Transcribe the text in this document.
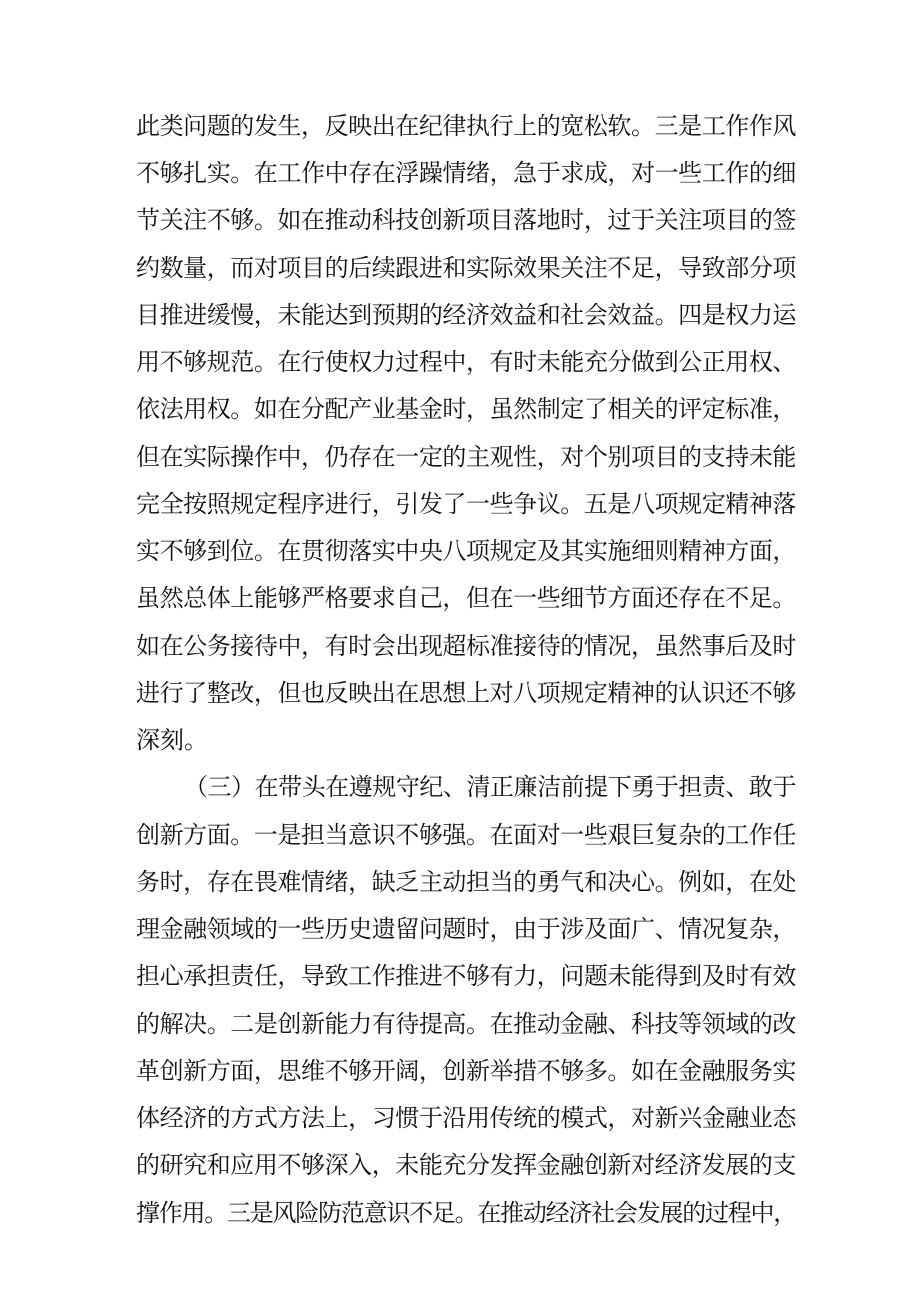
此类问题的发生，反映出在纪律执行上的宽松软。三是工作作风
不够扎实。在工作中存在浮躁情绪，急于求成，对一些工作的细
节关注不够。如在推动科技创新项目落地时，过于关注项目的签
约数量，而对项目的后续跟进和实际效果关注不足，导致部分项
目推进缓慢，未能达到预期的经济效益和社会效益。四是权力运
用不够规范。在行使权力过程中，有时未能充分做到公正用权、
依法用权。如在分配产业基金时，虽然制定了相关的评定标准，
但在实际操作中，仍存在一定的主观性，对个别项目的支持未能
完全按照规定程序进行，引发了一些争议。五是八项规定精神落
实不够到位。在贯彻落实中央八项规定及其实施细则精神方面，
虽然总体上能够严格要求自己，但在一些细节方面还存在不足。
如在公务接待中，有时会出现超标准接待的情况，虽然事后及时
进行了整改，但也反映出在思想上对八项规定精神的认识还不够
深刻。
（三）在带头在遵规守纪、清正廉洁前提下勇于担责、敢于
创新方面。一是担当意识不够强。在面对一些艰巨复杂的工作任
务时，存在畏难情绪，缺乏主动担当的勇气和决心。例如，在处
理金融领域的一些历史遗留问题时，由于涉及面广、情况复杂，
担心承担责任，导致工作推进不够有力，问题未能得到及时有效
的解决。二是创新能力有待提高。在推动金融、科技等领域的改
革创新方面，思维不够开阔，创新举措不够多。如在金融服务实
体经济的方式方法上，习惯于沿用传统的模式，对新兴金融业态
的研究和应用不够深入，未能充分发挥金融创新对经济发展的支
撑作用。三是风险防范意识不足。在推动经济社会发展的过程中，
